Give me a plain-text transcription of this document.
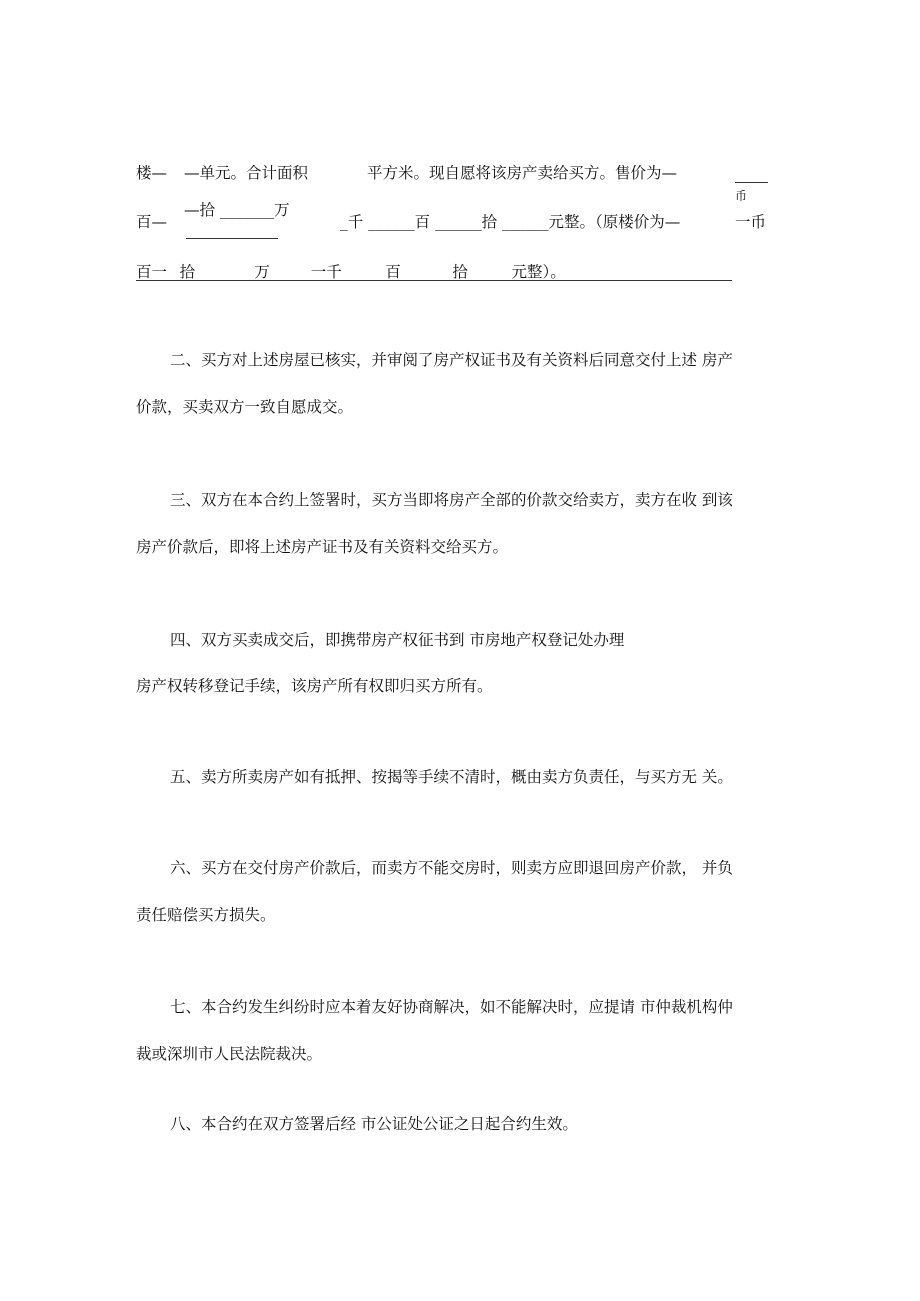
楼— —单元。合计面积	平方米。现自愿将该房产卖给买方。售价为—
币
百—
—拾 _______万
_千 ______百 ______拾 ______元整。（原楼价为—	一币
百一 _拾 _______万 ____ 一千 _____百 ______拾 _____元整）。
二、买方对上述房屋已核实，并审阅了房产权证书及有关资料后同意交付上述 房产
价款，买卖双方一致自愿成交。
三、双方在本合约上签署时，买方当即将房产全部的价款交给卖方，卖方在收 到该
房产价款后，即将上述房产证书及有关资料交给买方。
四、双方买卖成交后，即携带房产权征书到 市房地产权登记处办理
房产权转移登记手续，该房产所有权即归买方所有。
五、卖方所卖房产如有抵押、按揭等手续不清时，概由卖方负责任，与买方无 关。
六、买方在交付房产价款后，而卖方不能交房时，则卖方应即退回房产价款， 并负
责任赔偿买方损失。
七、本合约发生纠纷时应本着友好协商解决，如不能解决时，应提请 市仲裁机构仲
裁或深圳市人民法院裁决。
八、本合约在双方签署后经 市公证处公证之日起合约生效。
